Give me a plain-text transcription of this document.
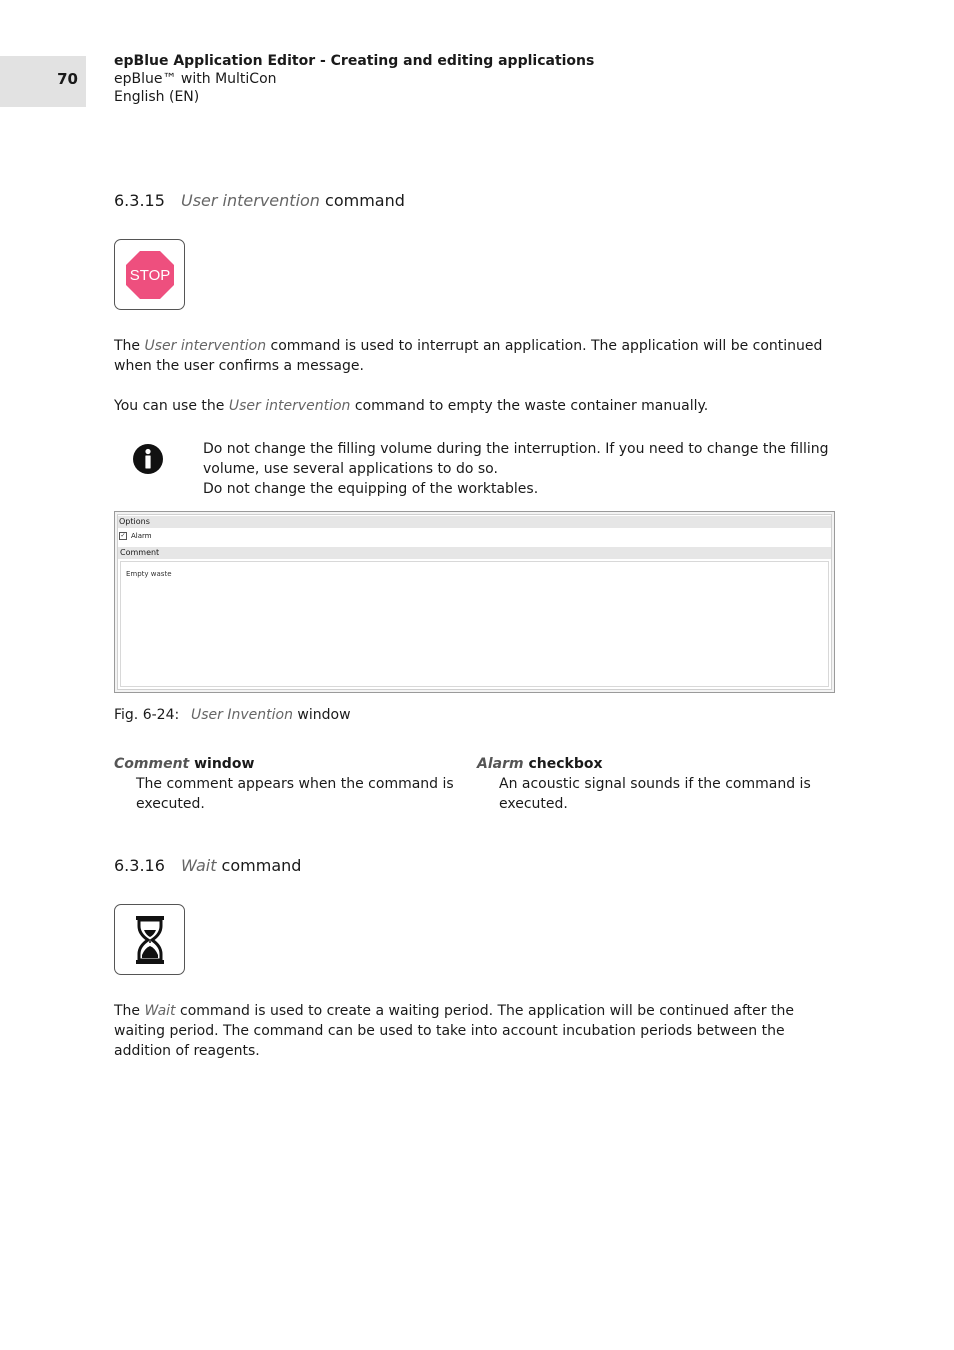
70
epBlue Application Editor - Creating and editing applications
epBlue™ with MultiCon
English (EN)
6.3.15 User intervention command
STOP
The User intervention command is used to interrupt an application. The application will be continued when the user confirms a message.
You can use the User intervention command to empty the waste container manually.
Do not change the filling volume during the interruption. If you need to change the filling volume, use several applications to do so.
Do not change the equipping of the worktables.
Options
✓ Alarm
Comment
Empty waste
Fig. 6-24: User Invention window
Comment window
The comment appears when the command is executed.
Alarm checkbox
An acoustic signal sounds if the command is executed.
6.3.16 Wait command
The Wait command is used to create a waiting period. The application will be continued after the waiting period. The command can be used to take into account incubation periods between the addition of reagents.
